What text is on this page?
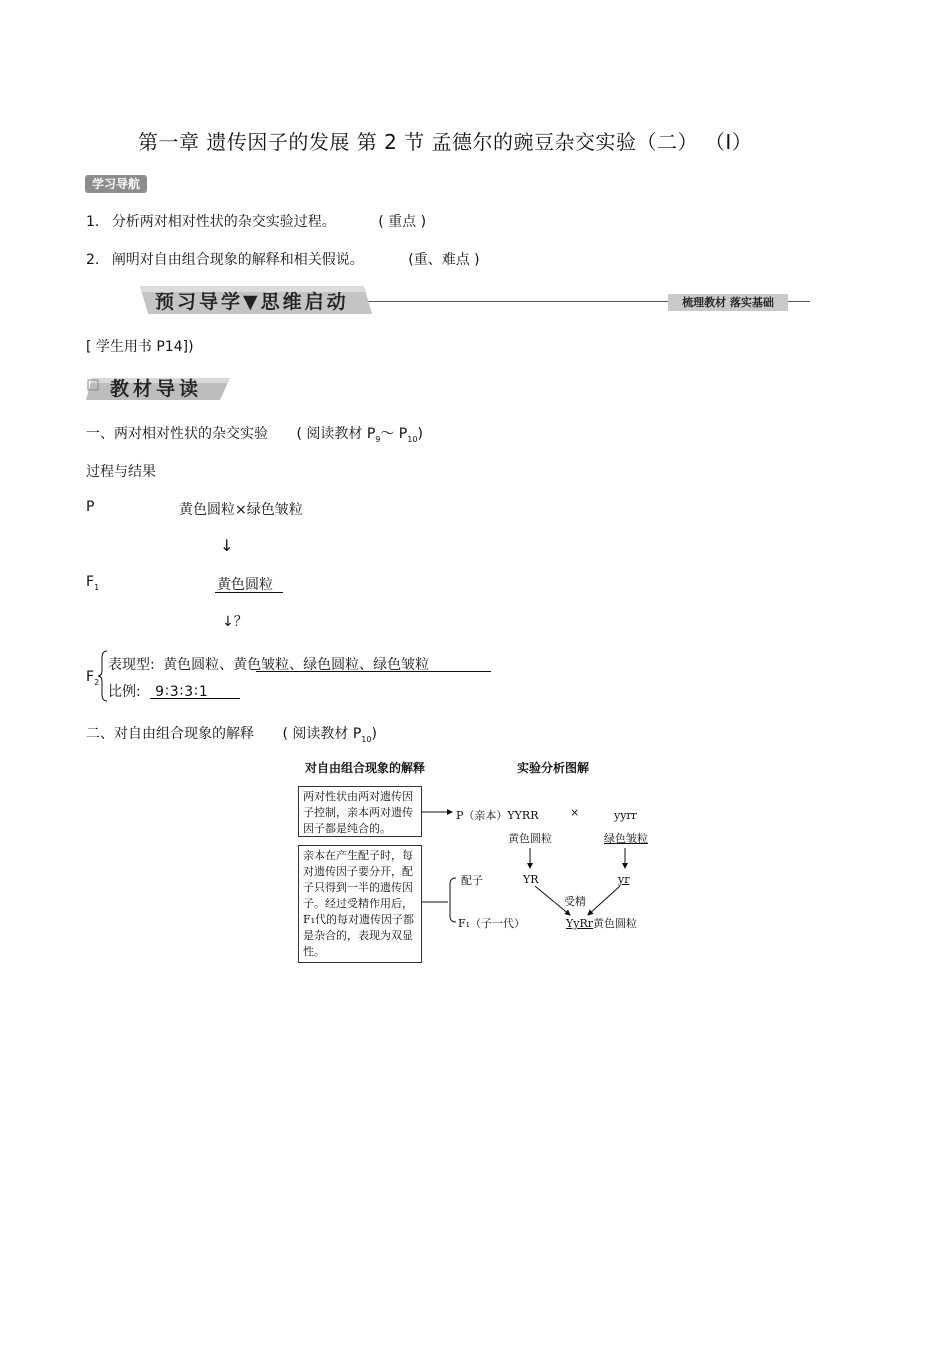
第一章 遗传因子的发展 第 2 节 孟德尔的豌豆杂交实验（二） （Ⅰ）
学习导航
1. 分析两对相对性状的杂交实验过程。	( 重点 )
2. 阐明对自由组合现象的解释和相关假说。	(重、难点 )
预习导学▼思维启动	梳理教材 落实基础
[ 学生用书 P14])
教材导读
一、两对相对性状的杂交实验 ( 阅读教材 $P_9\sim$ $P_{10}$)
过程与结果
P	黄色圆粒×绿色皱粒
↓
$F_1$	黄色圆粒
↓？
$F_2$
表现型: 黄色圆粒、黄色皱粒、绿色圆粒、绿色皱粒
比例: 9∶3∶3∶1
二、对自由组合现象的解释 ( 阅读教材 $P_{10}$)
对自由组合现象的解释	实验分析图解
两对性状由两对遗传因子控制，亲本两对遗传因子都是纯合的。
亲本在产生配子时，每对遗传因子要分开，配子只得到一半的遗传因子。经过受精作用后，F₁代的每对遗传因子都是杂合的，表现为双显性。
P（亲本）YYRR	×	yyrr
黄色圆粒	绿色皱粒
配子	YR	yr
受精
F₁（子一代）	YyRr黄色圆粒
